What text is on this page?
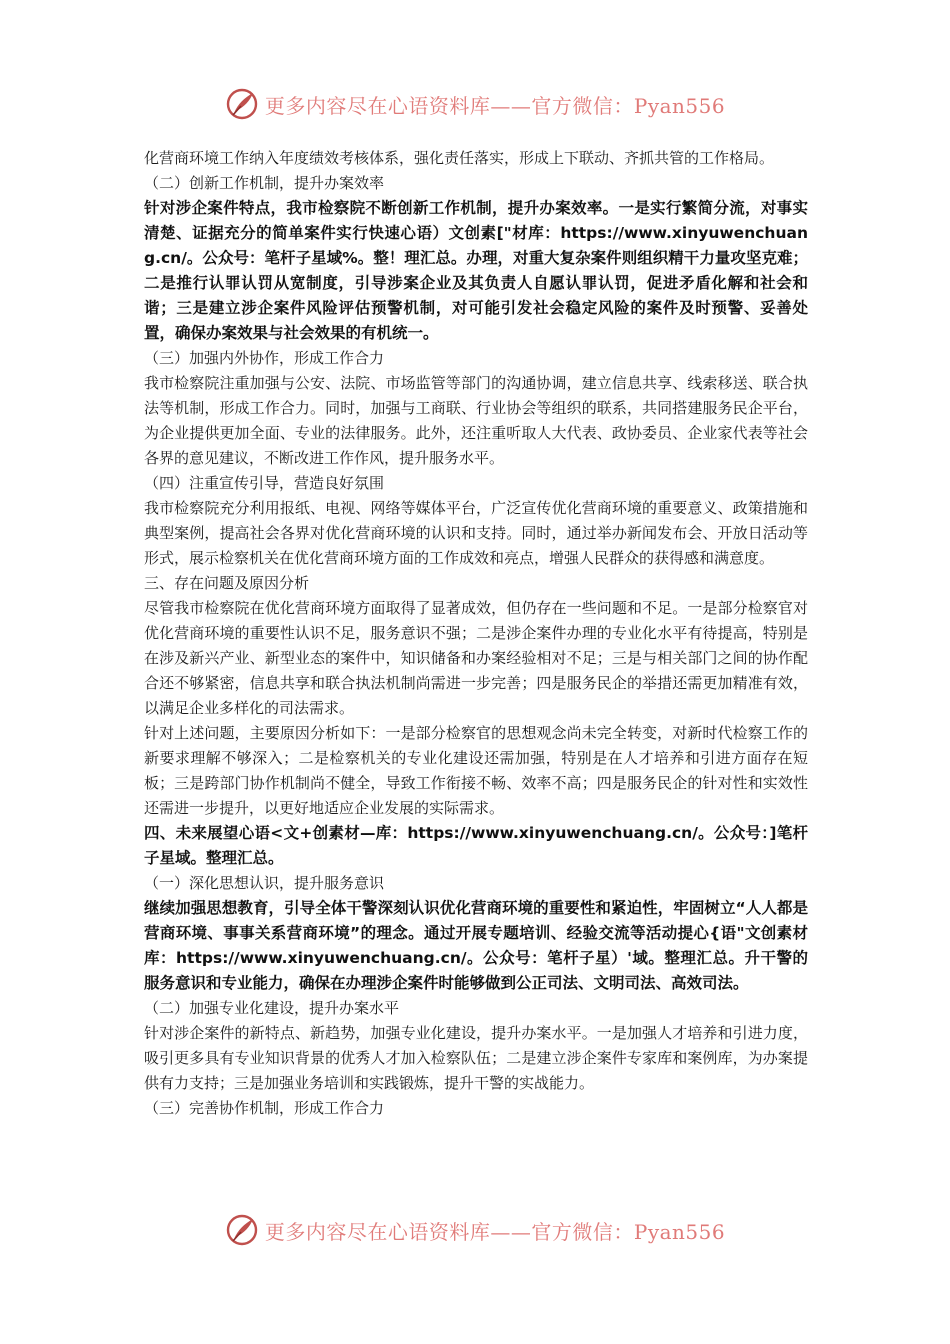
更多内容尽在心语资料库——官方微信：Pyan556

化营商环境工作纳入年度绩效考核体系，强化责任落实，形成上下联动、齐抓共管的工作格局。

（二）创新工作机制，提升办案效率

针对涉企案件特点，我市检察院不断创新工作机制，提升办案效率。一是实行繁简分流，对事实清楚、证据充分的简单案件实行快速心语）文创素["材库：https://www.xinyuwenchuang.cn/。公众号：笔杆子星域%。整！理汇总。办理，对重大复杂案件则组织精干力量攻坚克难；二是推行认罪认罚从宽制度，引导涉案企业及其负责人自愿认罪认罚，促进矛盾化解和社会和谐；三是建立涉企案件风险评估预警机制，对可能引发社会稳定风险的案件及时预警、妥善处置，确保办案效果与社会效果的有机统一。

（三）加强内外协作，形成工作合力

我市检察院注重加强与公安、法院、市场监管等部门的沟通协调，建立信息共享、线索移送、联合执法等机制，形成工作合力。同时，加强与工商联、行业协会等组织的联系，共同搭建服务民企平台，为企业提供更加全面、专业的法律服务。此外，还注重听取人大代表、政协委员、企业家代表等社会各界的意见建议，不断改进工作作风，提升服务水平。

（四）注重宣传引导，营造良好氛围

我市检察院充分利用报纸、电视、网络等媒体平台，广泛宣传优化营商环境的重要意义、政策措施和典型案例，提高社会各界对优化营商环境的认识和支持。同时，通过举办新闻发布会、开放日活动等形式，展示检察机关在优化营商环境方面的工作成效和亮点，增强人民群众的获得感和满意度。

三、存在问题及原因分析

尽管我市检察院在优化营商环境方面取得了显著成效，但仍存在一些问题和不足。一是部分检察官对优化营商环境的重要性认识不足，服务意识不强；二是涉企案件办理的专业化水平有待提高，特别是在涉及新兴产业、新型业态的案件中，知识储备和办案经验相对不足；三是与相关部门之间的协作配合还不够紧密，信息共享和联合执法机制尚需进一步完善；四是服务民企的举措还需更加精准有效，以满足企业多样化的司法需求。

针对上述问题，主要原因分析如下：一是部分检察官的思想观念尚未完全转变，对新时代检察工作的新要求理解不够深入；二是检察机关的专业化建设还需加强，特别是在人才培养和引进方面存在短板；三是跨部门协作机制尚不健全，导致工作衔接不畅、效率不高；四是服务民企的针对性和实效性还需进一步提升，以更好地适应企业发展的实际需求。

四、未来展望心语<文+创素材—库：https://www.xinyuwenchuang.cn/。公众号：]笔杆子星域。整理汇总。

（一）深化思想认识，提升服务意识

继续加强思想教育，引导全体干警深刻认识优化营商环境的重要性和紧迫性，牢固树立“人人都是营商环境、事事关系营商环境”的理念。通过开展专题培训、经验交流等活动提心{语"文创素材库：https://www.xinyuwenchuang.cn/。公众号：笔杆子星）'域。整理汇总。升干警的服务意识和专业能力，确保在办理涉企案件时能够做到公正司法、文明司法、高效司法。

（二）加强专业化建设，提升办案水平

针对涉企案件的新特点、新趋势，加强专业化建设，提升办案水平。一是加强人才培养和引进力度，吸引更多具有专业知识背景的优秀人才加入检察队伍；二是建立涉企案件专家库和案例库，为办案提供有力支持；三是加强业务培训和实践锻炼，提升干警的实战能力。

（三）完善协作机制，形成工作合力

更多内容尽在心语资料库——官方微信：Pyan556
